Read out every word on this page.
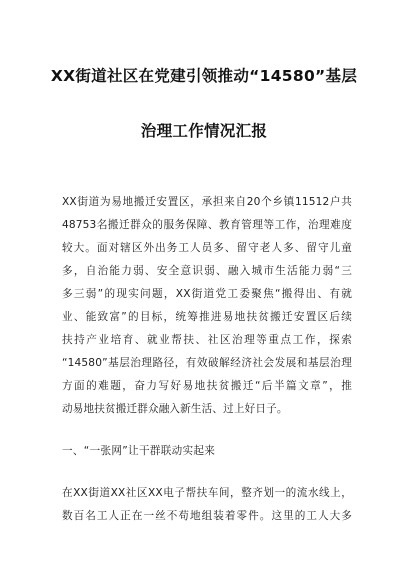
XX街道社区在党建引领推动“14580”基层
治理工作情况汇报
XX街道为易地搬迁安置区，承担来自20个乡镇11512户共
48753名搬迁群众的服务保障、教育管理等工作，治理难度
较大。面对辖区外出务工人员多、留守老人多、留守儿童
多，自治能力弱、安全意识弱、融入城市生活能力弱“三
多三弱”的现实问题，XX街道党工委聚焦“搬得出、有就
业、能致富”的目标，统筹推进易地扶贫搬迁安置区后续
扶持产业培育、就业帮扶、社区治理等重点工作，探索
“14580”基层治理路径，有效破解经济社会发展和基层治理
方面的难题，奋力写好易地扶贫搬迁“后半篇文章”，推
动易地扶贫搬迁群众融入新生活、过上好日子。
一、“一张网”让干群联动实起来
在XX街道XX社区XX电子帮扶车间，整齐划一的流水线上，
数百名工人正在一丝不苟地组装着零件。这里的工人大多
